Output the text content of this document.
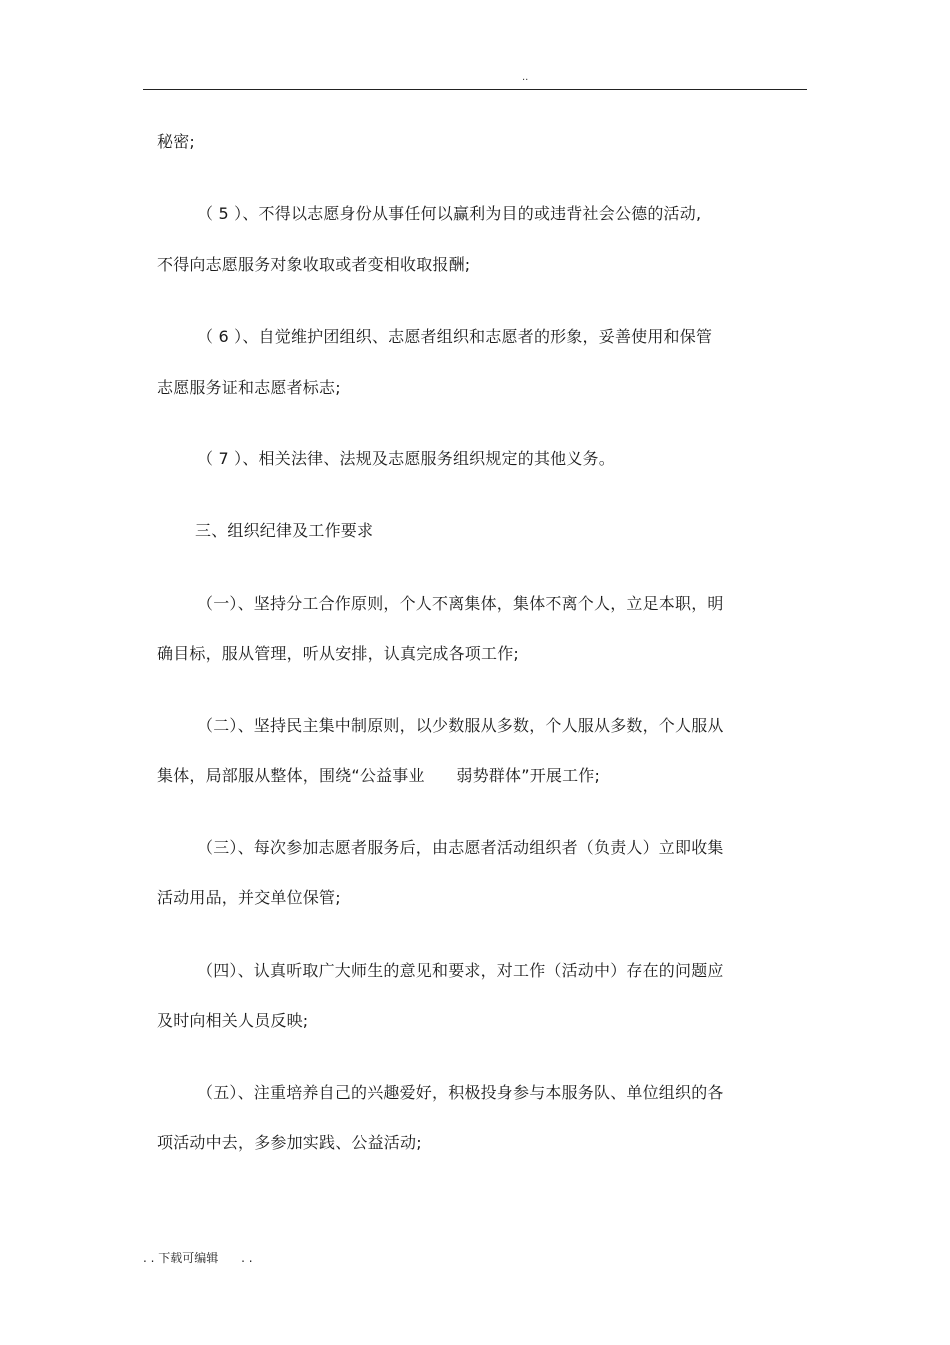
..
秘密;
（ 5 ）、不得以志愿身份从事任何以赢利为目的或违背社会公德的活动,
不得向志愿服务对象收取或者变相收取报酬;
（ 6 ）、自觉维护团组织、志愿者组织和志愿者的形象，妥善使用和保管
志愿服务证和志愿者标志;
（ 7 ）、相关法律、法规及志愿服务组织规定的其他义务。
三、组织纪律及工作要求
（一）、坚持分工合作原则，个人不离集体，集体不离个人，立足本职，明
确目标，服从管理，听从安排，认真完成各项工作;
（二）、坚持民主集中制原则，以少数服从多数，个人服从多数，个人服从
集体，局部服从整体，围绕“公益事业      弱势群体”开展工作;
（三）、每次参加志愿者服务后，由志愿者活动组织者（负责人）立即收集
活动用品，并交单位保管;
（四）、认真听取广大师生的意见和要求，对工作（活动中）存在的问题应
及时向相关人员反映;
（五）、注重培养自己的兴趣爱好，积极投身参与本服务队、单位组织的各
项活动中去，多参加实践、公益活动;
. . 下载可编辑      . .
